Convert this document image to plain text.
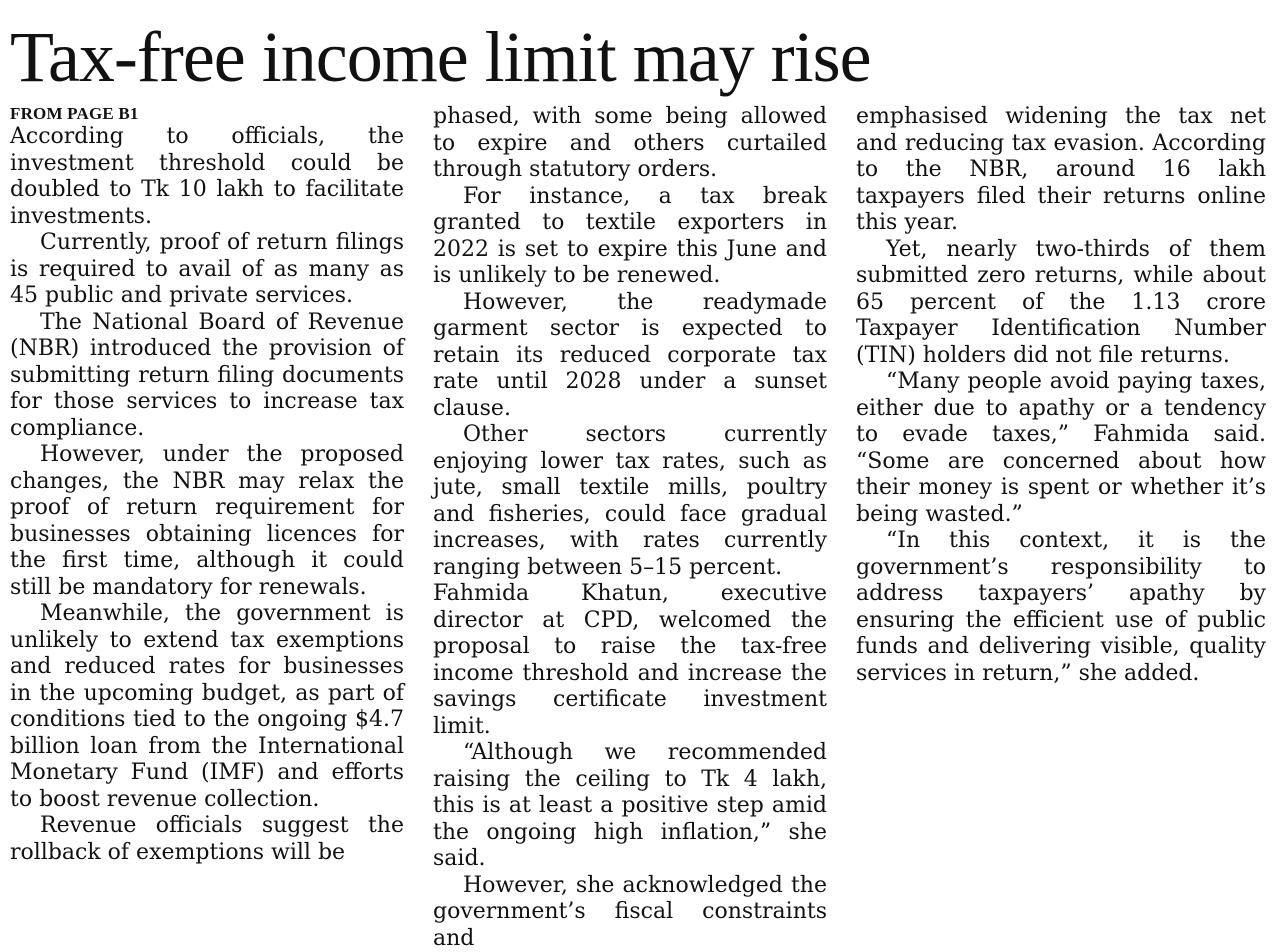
Tax-free income limit may rise
FROM PAGE B1

According to officials, the investment threshold could be doubled to Tk 10 lakh to facilitate investments.

Currently, proof of return filings is required to avail of as many as 45 public and private services.

The National Board of Revenue (NBR) introduced the provision of submitting return filing documents for those services to increase tax compliance.

However, under the proposed changes, the NBR may relax the proof of return requirement for businesses obtaining licences for the first time, although it could still be mandatory for renewals.

Meanwhile, the government is unlikely to extend tax exemptions and reduced rates for businesses in the upcoming budget, as part of conditions tied to the ongoing $4.7 billion loan from the International Monetary Fund (IMF) and efforts to boost revenue collection.

Revenue officials suggest the rollback of exemptions will be

phased, with some being allowed to expire and others curtailed through statutory orders.

For instance, a tax break granted to textile exporters in 2022 is set to expire this June and is unlikely to be renewed.

However, the readymade garment sector is expected to retain its reduced corporate tax rate until 2028 under a sunset clause.

Other sectors currently enjoying lower tax rates, such as jute, small textile mills, poultry and fisheries, could face gradual increases, with rates currently ranging between 5–15 percent.

Fahmida Khatun, executive director at CPD, welcomed the proposal to raise the tax-free income threshold and increase the savings certificate investment limit.

“Although we recommended raising the ceiling to Tk 4 lakh, this is at least a positive step amid the ongoing high inflation,” she said.

However, she acknowledged the government’s fiscal constraints and

emphasised widening the tax net and reducing tax evasion. According to the NBR, around 16 lakh taxpayers filed their returns online this year.

Yet, nearly two-thirds of them submitted zero returns, while about 65 percent of the 1.13 crore Taxpayer Identification Number (TIN) holders did not file returns.

“Many people avoid paying taxes, either due to apathy or a tendency to evade taxes,” Fahmida said. “Some are concerned about how their money is spent or whether it’s being wasted.”

“In this context, it is the government’s responsibility to address taxpayers’ apathy by ensuring the efficient use of public funds and delivering visible, quality services in return,” she added.
